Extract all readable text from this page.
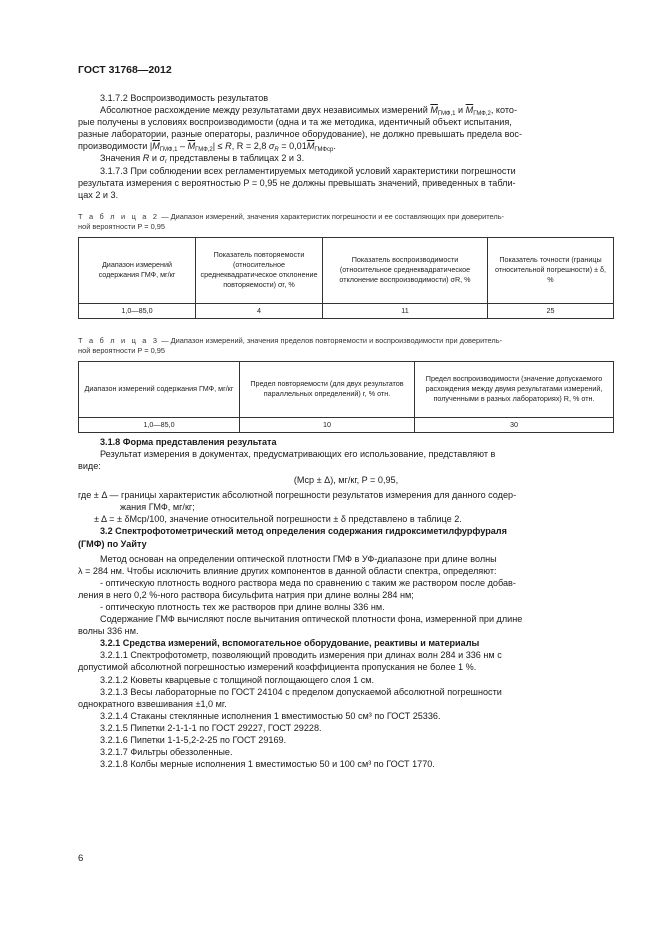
ГОСТ 31768—2012

3.1.7.2 Воспроизводимость результатов

Абсолютное расхождение между результатами двух независимых измерений $\overline{M}_{ГМФ,1}$ и $\overline{M}_{ГМФ,2}$, кото-

рые получены в условиях воспроизводимости (одна и та же методика, идентичный объект испытания,

разные лаборатории, разные операторы, различное оборудование), не должно превышать предела вос-

производимости $|\overline{M}_{ГМФ,1} - \overline{M}_{ГМФ,2}| \le R$, R = 2,8 $\sigma_R = 0,01\overline{M}_{ГМФср}$.

Значения R и $\sigma_r$ представлены в таблицах 2 и 3.

3.1.7.3 При соблюдении всех регламентируемых методикой условий характеристики погрешности

результата измерения с вероятностью P = 0,95 не должны превышать значений, приведенных в табли-

цах 2 и 3.

Т а б л и ц а 2 — Диапазон измерений, значения характеристик погрешности и ее составляющих при доверитель-

ной вероятности P = 0,95

Диапазон измерений содержания ГМФ, мг/кг	Показатель повторяемости (относительное среднеквадратическое отклонение повторяемости) σr, %	Показатель воспроизводимости (относительное среднеквадратическое отклонение воспроизводимости) σR, %	Показатель точности (границы относительной погрешности) ± δ, %
1,0—85,0	4	11	25

Т а б л и ц а 3 — Диапазон измерений, значения пределов повторяемости и воспроизводимости при доверитель-

ной вероятности P = 0,95

Диапазон измерений содержания ГМФ, мг/кг	Предел повторяемости (для двух результатов параллельных определений) r, % отн.	Предел воспроизводимости (значение допускаемого расхождения между двумя результатами измерений, полученными в разных лабораториях) R, % отн.
1,0—85,0	10	30

3.1.8 Форма представления результата

Результат измерения в документах, предусматривающих его использование, представляют в

виде:

(Mср ± Δ), мг/кг, P = 0,95,

где ± Δ — границы характеристик абсолютной погрешности результатов измерения для данного содер-

жания ГМФ, мг/кг;

± Δ = ± δMср/100, значение относительной погрешности ± δ представлено в таблице 2.

3.2 Спектрофотометрический метод определения содержания гидроксиметилфурфураля

(ГМФ) по Уайту

Метод основан на определении оптической плотности ГМФ в УФ-диапазоне при длине волны

λ = 284 нм. Чтобы исключить влияние других компонентов в данной области спектра, определяют:

- оптическую плотность водного раствора меда по сравнению с таким же раствором после добав-

ления в него 0,2 %-ного раствора бисульфита натрия при длине волны 284 нм;

- оптическую плотность тех же растворов при длине волны 336 нм.

Содержание ГМФ вычисляют после вычитания оптической плотности фона, измеренной при длине

волны 336 нм.

3.2.1 Средства измерений, вспомогательное оборудование, реактивы и материалы

3.2.1.1 Спектрофотометр, позволяющий проводить измерения при длинах волн 284 и 336 нм с

допустимой абсолютной погрешностью измерений коэффициента пропускания не более 1 %.

3.2.1.2 Кюветы кварцевые с толщиной поглощающего слоя 1 см.

3.2.1.3 Весы лабораторные по ГОСТ 24104 с пределом допускаемой абсолютной погрешности

однократного взвешивания ±1,0 мг.

3.2.1.4 Стаканы стеклянные исполнения 1 вместимостью 50 см³ по ГОСТ 25336.

3.2.1.5 Пипетки 2-1-1-1 по ГОСТ 29227, ГОСТ 29228.

3.2.1.6 Пипетки 1-1-5,2-2-25 по ГОСТ 29169.

3.2.1.7 Фильтры обеззоленные.

3.2.1.8 Колбы мерные исполнения 1 вместимостью 50 и 100 см³ по ГОСТ 1770.

6
